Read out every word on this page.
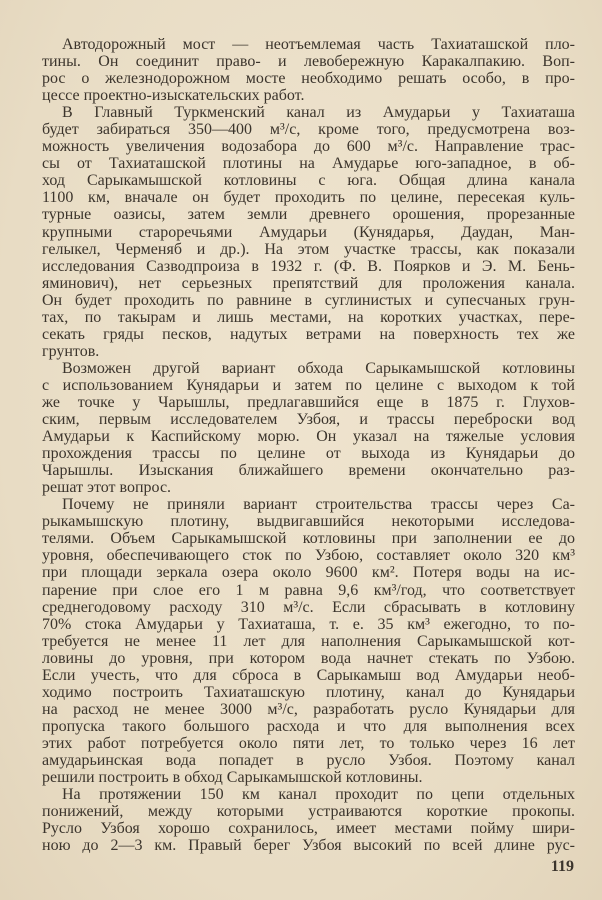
Автодорожный мост — неотъемлемая часть Тахиаташской пло-
тины. Он соединит право- и левобережную Каракалпакию. Воп-
рос о железнодорожном мосте необходимо решать особо, в про-
цессе проектно-изыскательских работ.
В Главный Туркменский канал из Амударьи у Тахиаташа
будет забираться 350—400 м³/с, кроме того, предусмотрена воз-
можность увеличения водозабора до 600 м³/с. Направление трас-
сы от Тахиаташской плотины на Амударье юго-западное, в об-
ход Сарыкамышской котловины с юга. Общая длина канала
1100 км, вначале он будет проходить по целине, пересекая куль-
турные оазисы, затем земли древнего орошения, прорезанные
крупными староречьями Амударьи (Кунядарья, Даудан, Ман-
гелыкел, Черменяб и др.). На этом участке трассы, как показали
исследования Сазводпроиза в 1932 г. (Ф. В. Поярков и Э. М. Бень-
яминович), нет серьезных препятствий для проложения канала.
Он будет проходить по равнине в суглинистых и супесчаных грун-
тах, по такырам и лишь местами, на коротких участках, пере-
секать гряды песков, надутых ветрами на поверхность тех же
грунтов.
Возможен другой вариант обхода Сарыкамышской котловины
с использованием Кунядарьи и затем по целине с выходом к той
же точке у Чарышлы, предлагавшийся еще в 1875 г. Глухов-
ским, первым исследователем Узбоя, и трассы переброски вод
Амударьи к Каспийскому морю. Он указал на тяжелые условия
прохождения трассы по целине от выхода из Кунядарьи до
Чарышлы. Изыскания ближайшего времени окончательно раз-
решат этот вопрос.
Почему не приняли вариант строительства трассы через Са-
рыкамышскую плотину, выдвигавшийся некоторыми исследова-
телями. Объем Сарыкамышской котловины при заполнении ее до
уровня, обеспечивающего сток по Узбою, составляет около 320 км³
при площади зеркала озера около 9600 км². Потеря воды на ис-
парение при слое его 1 м равна 9,6 км³/год, что соответствует
среднегодовому расходу 310 м³/с. Если сбрасывать в котловину
70% стока Амударьи у Тахиаташа, т. е. 35 км³ ежегодно, то по-
требуется не менее 11 лет для наполнения Сарыкамышской кот-
ловины до уровня, при котором вода начнет стекать по Узбою.
Если учесть, что для сброса в Сарыкамыш вод Амударьи необ-
ходимо построить Тахиаташскую плотину, канал до Кунядарьи
на расход не менее 3000 м³/с, разработать русло Кунядарьи для
пропуска такого большого расхода и что для выполнения всех
этих работ потребуется около пяти лет, то только через 16 лет
амударьинская вода попадет в русло Узбоя. Поэтому канал
решили построить в обход Сарыкамышской котловины.
На протяжении 150 км канал проходит по цепи отдельных
понижений, между которыми устраиваются короткие прокопы.
Русло Узбоя хорошо сохранилось, имеет местами пойму шири-
ною до 2—3 км. Правый берег Узбоя высокий по всей длине рус-
119
